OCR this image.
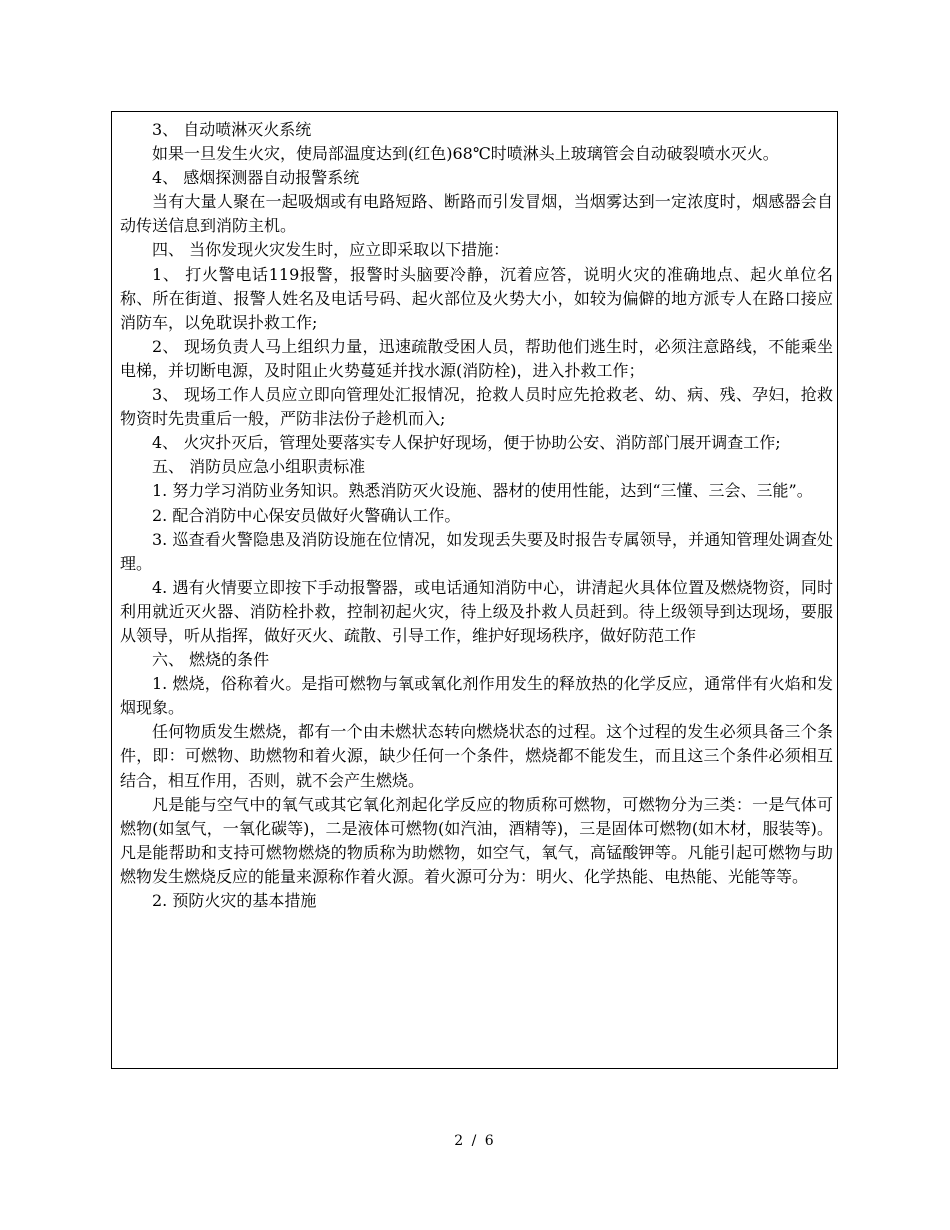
3、 自动喷淋灭火系统

如果一旦发生火灾，使局部温度达到(红色)68℃时喷淋头上玻璃管会自动破裂喷水灭火。

4、 感烟探测器自动报警系统

当有大量人聚在一起吸烟或有电路短路、断路而引发冒烟，当烟雾达到一定浓度时，烟感器会自动传送信息到消防主机。

四、 当你发现火灾发生时，应立即采取以下措施：

1、 打火警电话119报警，报警时头脑要冷静，沉着应答，说明火灾的准确地点、起火单位名称、所在街道、报警人姓名及电话号码、起火部位及火势大小，如较为偏僻的地方派专人在路口接应消防车，以免耽误扑救工作;

2、 现场负责人马上组织力量，迅速疏散受困人员，帮助他们逃生时，必须注意路线，不能乘坐电梯，并切断电源，及时阻止火势蔓延并找水源(消防栓)，进入扑救工作；

3、 现场工作人员应立即向管理处汇报情况，抢救人员时应先抢救老、幼、病、残、孕妇，抢救物资时先贵重后一般，严防非法份子趁机而入;

4、 火灾扑灭后，管理处要落实专人保护好现场，便于协助公安、消防部门展开调查工作;

五、 消防员应急小组职责标准

1. 努力学习消防业务知识。熟悉消防灭火设施、器材的使用性能，达到“三懂、三会、三能”。

2. 配合消防中心保安员做好火警确认工作。

3. 巡查看火警隐患及消防设施在位情况，如发现丢失要及时报告专属领导，并通知管理处调查处理。

4. 遇有火情要立即按下手动报警器，或电话通知消防中心，讲清起火具体位置及燃烧物资，同时利用就近灭火器、消防栓扑救，控制初起火灾，待上级及扑救人员赶到。待上级领导到达现场，要服从领导，听从指挥，做好灭火、疏散、引导工作，维护好现场秩序，做好防范工作

六、 燃烧的条件

1. 燃烧，俗称着火。是指可燃物与氧或氧化剂作用发生的释放热的化学反应，通常伴有火焰和发烟现象。

任何物质发生燃烧，都有一个由未燃状态转向燃烧状态的过程。这个过程的发生必须具备三个条件，即：可燃物、助燃物和着火源，缺少任何一个条件，燃烧都不能发生，而且这三个条件必须相互结合，相互作用，否则，就不会产生燃烧。

凡是能与空气中的氧气或其它氧化剂起化学反应的物质称可燃物，可燃物分为三类：一是气体可燃物(如氢气，一氧化碳等)，二是液体可燃物(如汽油，酒精等)，三是固体可燃物(如木材，服装等)。凡是能帮助和支持可燃物燃烧的物质称为助燃物，如空气，氧气，高锰酸钾等。凡能引起可燃物与助燃物发生燃烧反应的能量来源称作着火源。着火源可分为：明火、化学热能、电热能、光能等等。

2. 预防火灾的基本措施

2 / 6
